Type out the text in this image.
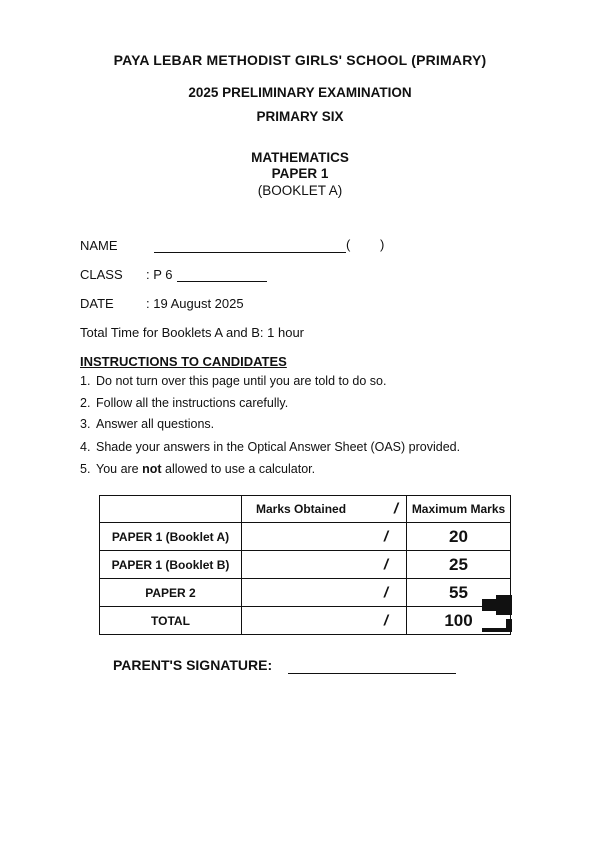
PAYA LEBAR METHODIST GIRLS' SCHOOL (PRIMARY)
2025 PRELIMINARY EXAMINATION
PRIMARY SIX
MATHEMATICS
PAPER 1
(BOOKLET A)
NAME	( )
CLASS : P 6
DATE : 19 August 2025
Total Time for Booklets A and B: 1 hour
INSTRUCTIONS TO CANDIDATES
1. Do not turn over this page until you are told to do so.
2. Follow all the instructions carefully.
3. Answer all questions.
4. Shade your answers in the Optical Answer Sheet (OAS) provided.
5. You are not allowed to use a calculator.
	Marks Obtained /	Maximum Marks
PAPER 1 (Booklet A)	/	20
PAPER 1 (Booklet B)	/	25
PAPER 2	/	55
TOTAL	/	100
PARENT'S SIGNATURE:
